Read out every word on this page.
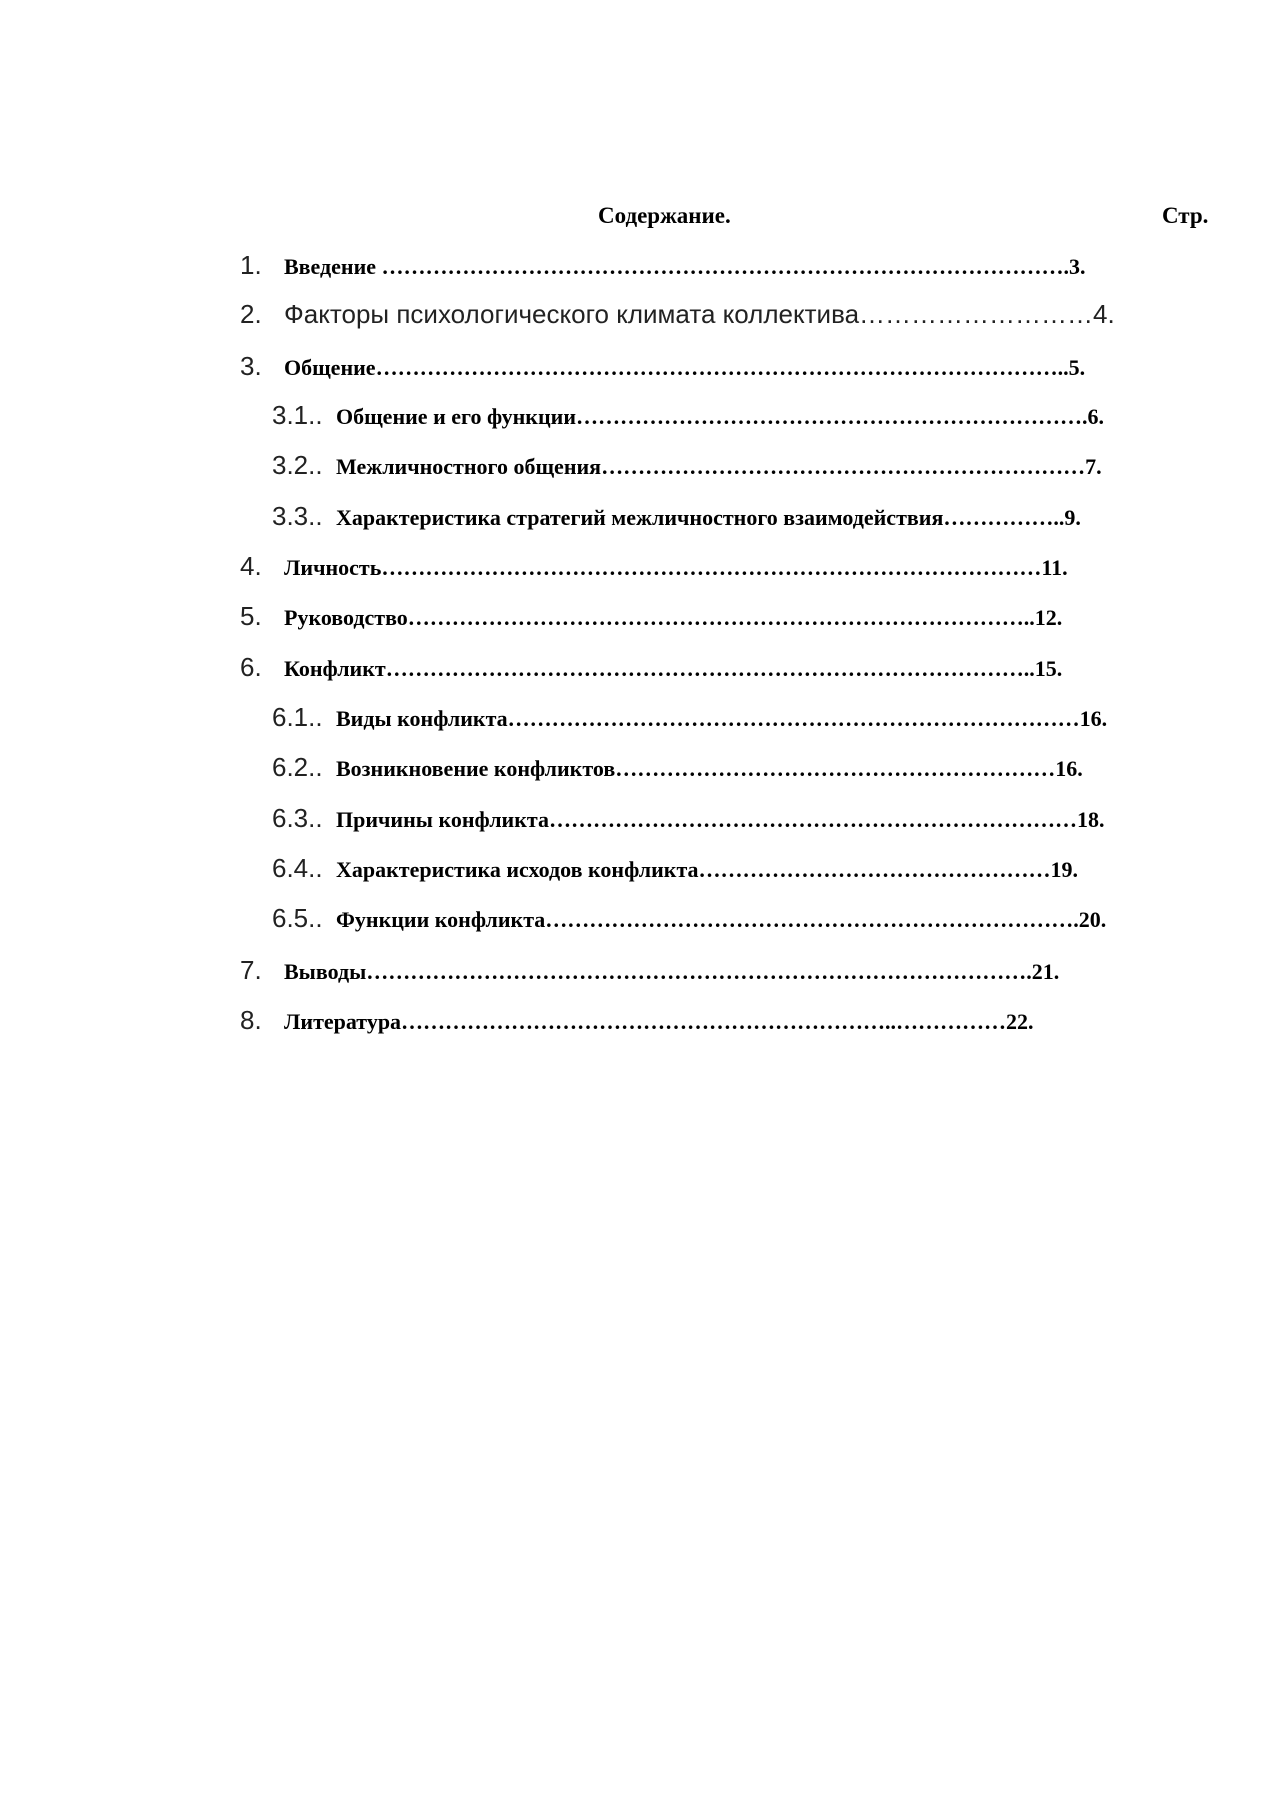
Содержание.	Стр.
1. Введение ………………………………………………………………………………….3.
2. Факторы психологического климата коллектива………………………4.
3. Общение…………………………………………………………………………………..5.
3.1.. Общение и его функции…………………………………………………………….6.
3.2.. Межличностного общения…………………………………………………………7.
3.3.. Характеристика стратегий межличностного взаимодействия……………..9.
4. Личность………………………………………………………………………………11.
5. Руководство…………………………………………………………………………..12.
6. Конфликт……………………………………………………………………………..15.
6.1.. Виды конфликта……………………………………………………………………16.
6.2.. Возникновение конфликтов……………………………………………………16.
6.3.. Причины конфликта………………………………………………………………18.
6.4.. Характеристика исходов конфликта…………………………………………19.
6.5.. Функции конфликта……………………………………………………………….20.
7. Выводы……………………………………………………………………………….21.
8. Литература…………………………………………………………..……………22.
